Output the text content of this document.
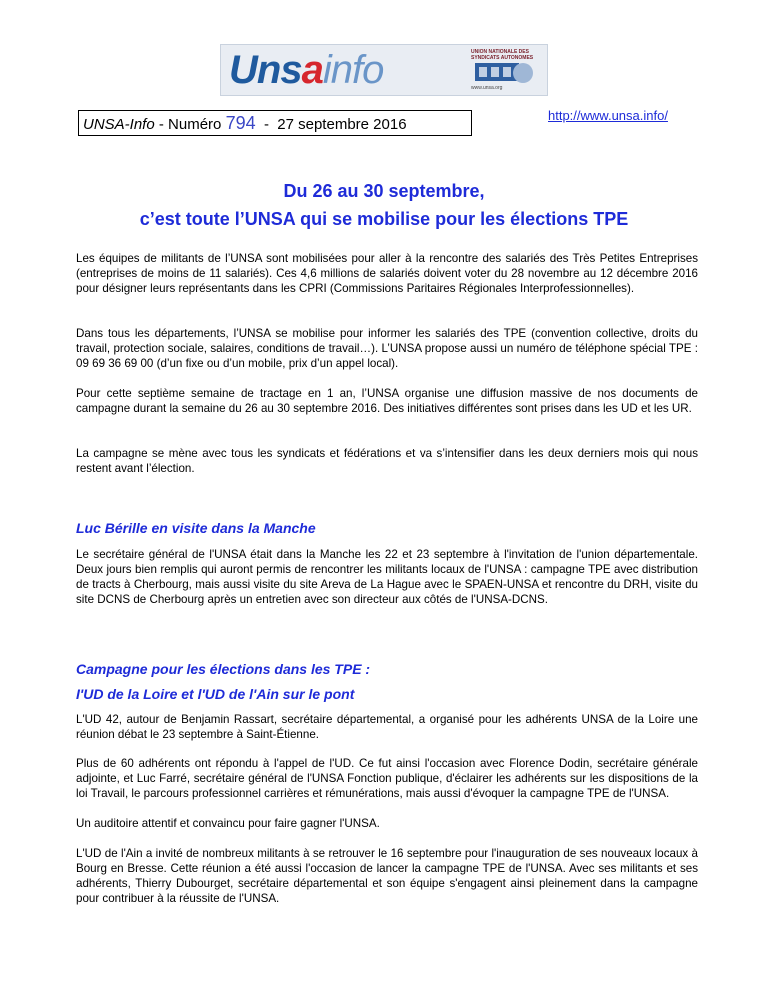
Unsainfo	UNION NATIONALE DES SYNDICATS AUTONOMES
www.unsa.org
UNSA-Info - Numéro 794  -  27 septembre 2016
http://www.unsa.info/
Du 26 au 30 septembre,
c’est toute l’UNSA qui se mobilise pour les élections TPE

Les équipes de militants de l’UNSA sont mobilisées pour aller à la rencontre des salariés des Très Petites Entreprises (entreprises de moins de 11 salariés). Ces 4,6 millions de salariés doivent voter du 28 novembre au 12 décembre 2016 pour désigner leurs représentants dans les CPRI (Commissions Paritaires Régionales Interprofessionnelles).

Dans tous les départements, l’UNSA se mobilise pour informer les salariés des TPE (convention collective, droits du travail, protection sociale, salaires, conditions de travail…). L’UNSA propose aussi un numéro de téléphone spécial TPE : 09 69 36 69 00 (d’un fixe ou d’un mobile, prix d’un appel local).

Pour cette septième semaine de tractage en 1 an, l’UNSA organise une diffusion massive de nos documents de campagne durant la semaine du 26 au 30 septembre 2016. Des initiatives différentes sont prises dans les UD et les UR.

La campagne se mène avec tous les syndicats et fédérations et va s’intensifier dans les deux derniers mois qui nous restent avant l’élection.

Luc Bérille en visite dans la Manche

Le secrétaire général de l'UNSA était dans la Manche les 22 et 23 septembre à l'invitation de l'union départementale. Deux jours bien remplis qui auront permis de rencontrer les militants locaux de l'UNSA : campagne TPE avec distribution de tracts à Cherbourg, mais aussi visite du site Areva de La Hague avec le SPAEN-UNSA et rencontre du DRH, visite du site DCNS de Cherbourg après un entretien avec son directeur aux côtés de l'UNSA-DCNS.

Campagne pour les élections dans les TPE :
I'UD de la Loire et l'UD de l'Ain sur le pont

L'UD 42, autour de Benjamin Rassart, secrétaire départemental, a organisé pour les adhérents UNSA de la Loire une réunion débat le 23 septembre à Saint-Étienne.

Plus de 60 adhérents ont répondu à l'appel de l'UD. Ce fut ainsi l'occasion avec Florence Dodin, secrétaire générale adjointe, et Luc Farré, secrétaire général de l'UNSA Fonction publique, d'éclairer les adhérents sur les dispositions de la loi Travail, le parcours professionnel carrières et rémunérations, mais aussi d'évoquer la campagne TPE de l'UNSA.

Un auditoire attentif et convaincu pour faire gagner l'UNSA.

L'UD de l'Ain a invité de nombreux militants à se retrouver le 16 septembre pour l'inauguration de ses nouveaux locaux à Bourg en Bresse. Cette réunion a été aussi l'occasion de lancer la campagne TPE de l'UNSA. Avec ses militants et ses adhérents, Thierry Dubourget, secrétaire départemental et son équipe s'engagent ainsi pleinement dans la campagne pour contribuer à la réussite de l'UNSA.
